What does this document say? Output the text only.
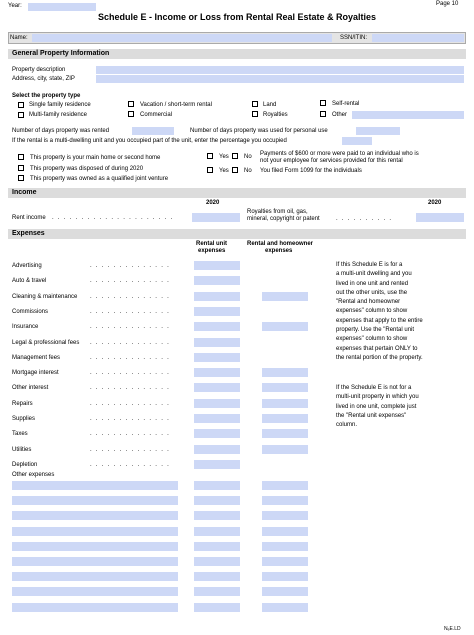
Year:	Page 10
Schedule E - Income or Loss from Rental Real Estate & Royalties
Name:	SSN/ITIN:
General Property Information
Property description
Address, city, state, ZIP
Select the property type
Single family residence
Multi-family residence
Vacation / short-term rental
Commercial
Land
Royalties
Self-rental
Other
Number of days property was rented	Number of days property was used for personal use
If the rental is a multi-dwelling unit and you occupied part of the unit, enter the percentage you occupied
This property is your main home or second home
This property was disposed of during 2020
This property was owned as a qualified joint venture
Yes	No Payments of $600 or more were paid to an individual who is
not your employee for services provided for this rental
Yes	No You filed Form 1099 for the individuals
Income
2020	2020
Rent income . . . . . . . . . . . . . . . . . . . . .
Royalties from oil, gas,
mineral, copyright or patent	. . . . . . . . . .
Expenses
Rental unit
expenses
Rental and homeowner
expenses
Advertising	. . . . . . . . . . . . . .
Auto & travel	. . . . . . . . . . . . . .
Cleaning & maintenance . . . . . . . . . . . . . .
Commissions	. . . . . . . . . . . . . .
Insurance	. . . . . . . . . . . . . .
Legal & professional fees . . . . . . . . . . . . . .
Management fees	. . . . . . . . . . . . . .
Mortgage interest	. . . . . . . . . . . . . .
Other interest	. . . . . . . . . . . . . .
Repairs	. . . . . . . . . . . . . .
Supplies	. . . . . . . . . . . . . .
Taxes	. . . . . . . . . . . . . .
Utilities	. . . . . . . . . . . . . .
Depletion	. . . . . . . . . . . . . .
Other expenses
If this Schedule E is for a
a multi-unit dwelling and you
lived in one unit and rented
out the other units, use the
"Rental and homeowner
expenses" column to show
expenses that apply to the entire
property. Use the "Rental unit
expenses" column to show
expenses that pertain ONLY to
the rental portion of the property.
If the Schedule E is not for a
multi-unit property in which you
lived in one unit, complete just
the "Rental unit expenses"
column.
NₑE.LD
